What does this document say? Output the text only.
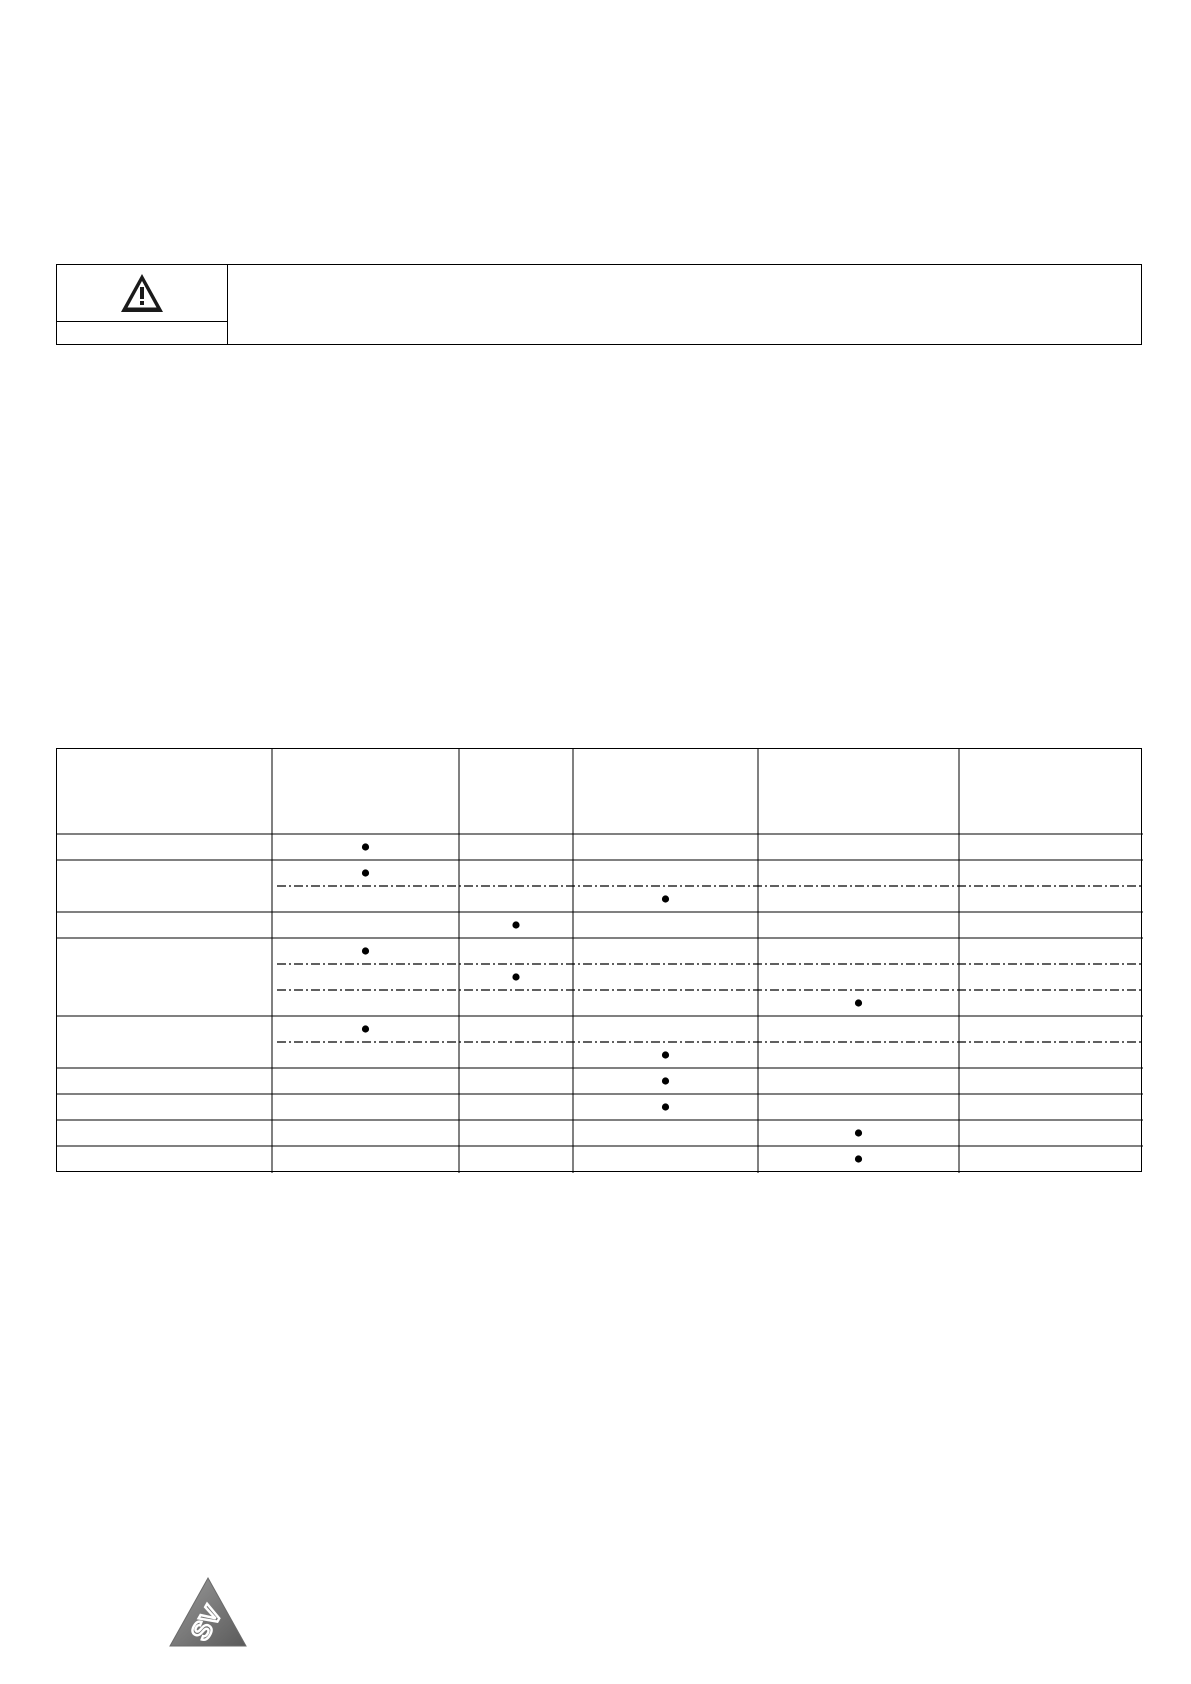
SV
